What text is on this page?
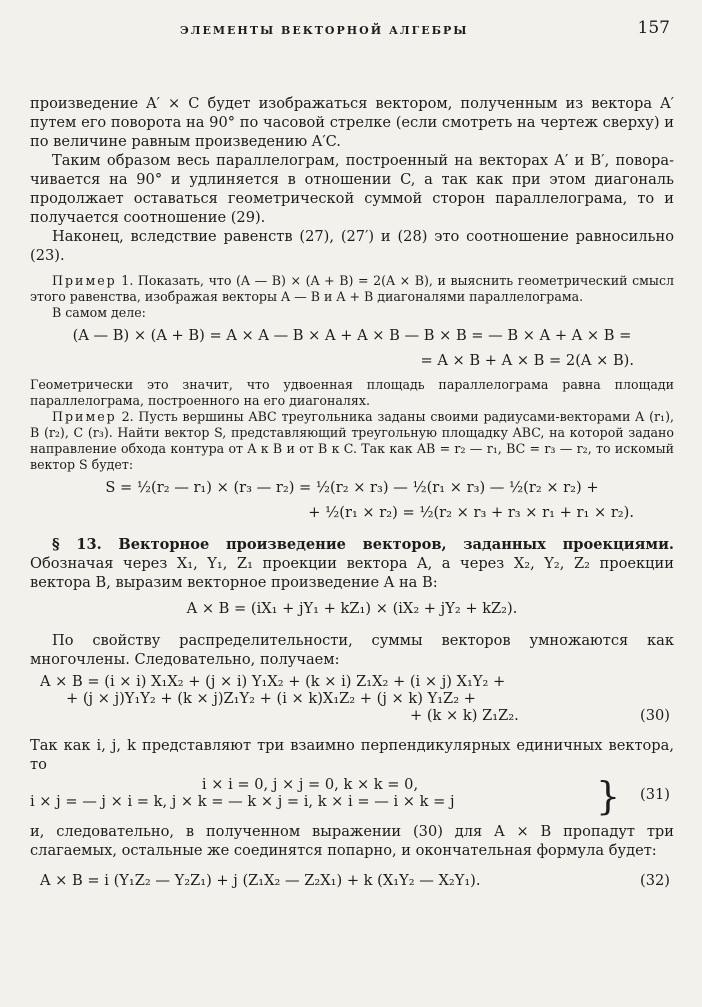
ЭЛЕМЕНТЫ ВЕКТОРНОЙ АЛГЕБРЫ	157

произведение A′ × C будет изображаться вектором, полученным из вектора A′ путем его поворота на 90° по часовой стрелке (если смотреть на чертеж сверху) и по величине равным произведению A′C.

Таким образом весь параллелограм, построенный на векторах A′ и B′, поворачивается на 90° и удлиняется в отношении C, а так как при этом диагональ продолжает оставаться геометрической суммой сторон параллелограма, то и получается соотношение (29).

Наконец, вследствие равенств (27), (27′) и (28) это соотношение равносильно (23).

Пример 1. Показать, что (A — B) × (A + B) = 2(A × B), и выяснить геометрический смысл этого равенства, изображая векторы A — B и A + B диагоналями параллелограма.

В самом деле:

(A — B) × (A + B) = A × A — B × A + A × B — B × B = — B × A + A × B =

= A × B + A × B = 2(A × B).

Геометрически это значит, что удвоенная площадь параллелограма равна площади параллелограма, построенного на его диагоналях.

Пример 2. Пусть вершины ABC треугольника заданы своими радиусами-векторами A (r₁), B (r₂), C (r₃). Найти вектор S, представляющий треугольную площадку ABC, на которой задано направление обхода контура от A к B и от B к C. Так как AB = r₂ — r₁, BC = r₃ — r₂, то искомый вектор S будет:

S = ½(r₂ — r₁) × (r₃ — r₂) = ½(r₂ × r₃) — ½(r₁ × r₃) — ½(r₂ × r₂) +

+ ½(r₁ × r₂) = ½(r₂ × r₃ + r₃ × r₁ + r₁ × r₂).

§ 13. Векторное произведение векторов, заданных проекциями. Обозначая через X₁, Y₁, Z₁ проекции вектора A, а через X₂, Y₂, Z₂ проекции вектора B, выразим векторное произведение A на B:

A × B = (iX₁ + jY₁ + kZ₁) × (iX₂ + jY₂ + kZ₂).

По свойству распределительности, суммы векторов умножаются как многочлены. Следовательно, получаем:

A × B = (i × i) X₁X₂ + (j × i) Y₁X₂ + (k × i) Z₁X₂ + (i × j) X₁Y₂ +

+ (j × j)Y₁Y₂ + (k × j)Z₁Y₂ + (i × k)X₁Z₂ + (j × k) Y₁Z₂ +

+ (k × k) Z₁Z₂.	(30)

Так как i, j, k представляют три взаимно перпендикулярных единичных вектора, то

i × i = 0, j × j = 0, k × k = 0,

i × j = — j × i = k, j × k = — k × j = i, k × i = — i × k = j	} (31)

и, следовательно, в полученном выражении (30) для A × B пропадут три слагаемых, остальные же соединятся попарно, и окончательная формула будет:

A × B = i (Y₁Z₂ — Y₂Z₁) + j (Z₁X₂ — Z₂X₁) + k (X₁Y₂ — X₂Y₁).	(32)
